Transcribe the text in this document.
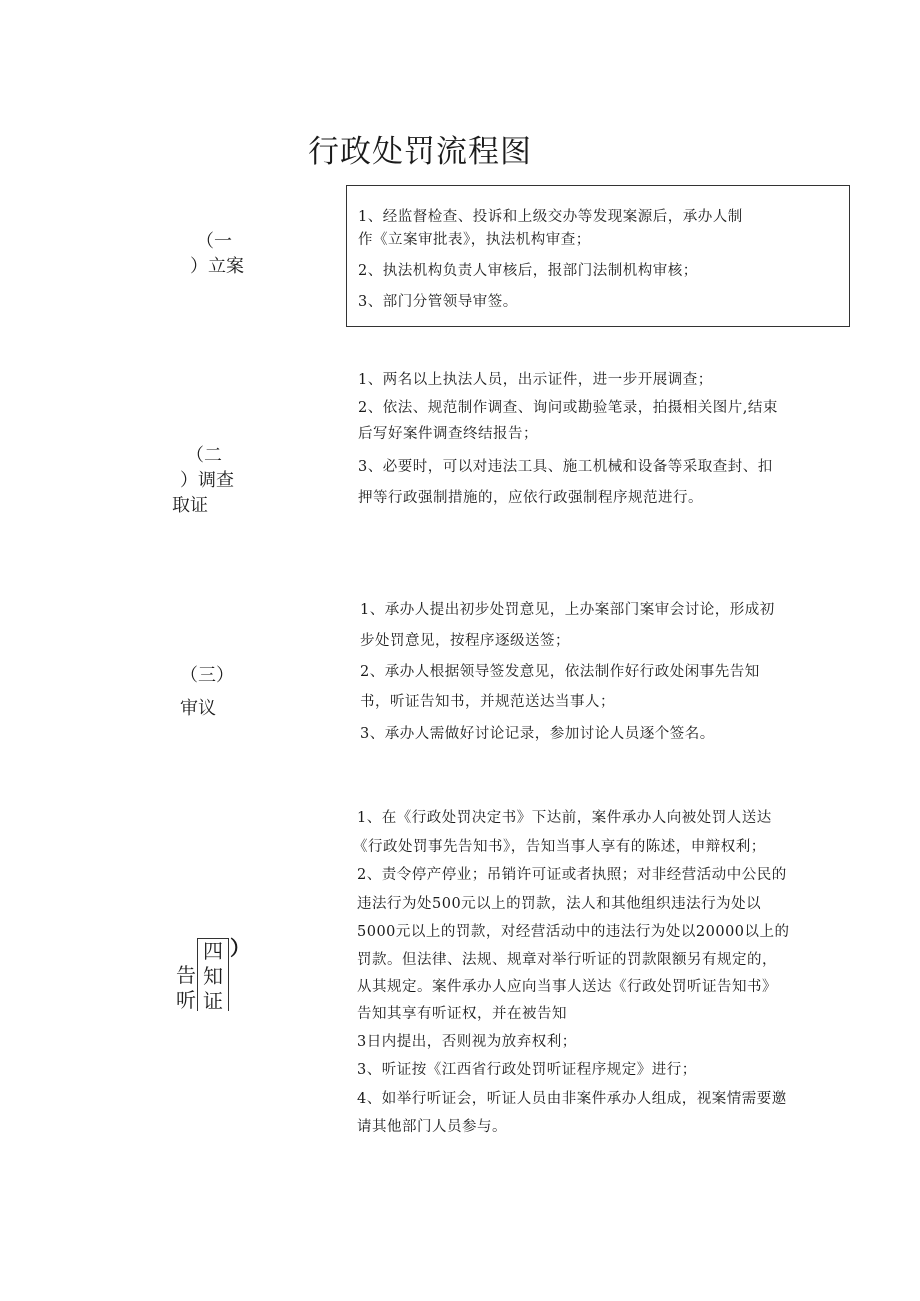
行政处罚流程图
（一
）立案

1、经监督检查、投诉和上级交办等发现案源后，承办人制

作《立案审批表》，执法机构审查；

2、执法机构负责人审核后，报部门法制机构审核；

3、部门分管领导审签。

（二
）调查
取证

1、两名以上执法人员，出示证件，进一步开展调查；

2、依法、规范制作调查、询问或勘验笔录，拍摄相关图片,结束

后写好案件调查终结报告；

3、必要时，可以对违法工具、施工机械和设备等采取查封、扣

押等行政强制措施的，应依行政强制程序规范进行。

（三）
审议

1、承办人提出初步处罚意见，上办案部门案审会讨论，形成初

步处罚意见，按程序逐级送签；

2、承办人根据领导签发意见，依法制作好行政处闲事先告知

书，听证告知书，并规范送达当事人；

3、承办人需做好讨论记录，参加讨论人员逐个签名。

四
知
证
）
告
听

1、在《行政处罚决定书》下达前，案件承办人向被处罚人送达

《行政处罚事先告知书》，告知当事人享有的陈述，申辩权利；

2、责令停产停业；吊销许可证或者执照；对非经营活动中公民的

违法行为处500元以上的罚款，法人和其他组织违法行为处以

5000元以上的罚款，对经营活动中的违法行为处以20000以上的

罚款。但法律、法规、规章对举行听证的罚款限额另有规定的，

从其规定。案件承办人应向当事人送达《行政处罚听证告知书》

告知其享有听证权，并在被告知

3日内提出，否则视为放弃权利；

3、听证按《江西省行政处罚听证程序规定》进行；

4、如举行听证会，听证人员由非案件承办人组成，视案情需要邀

请其他部门人员参与。
